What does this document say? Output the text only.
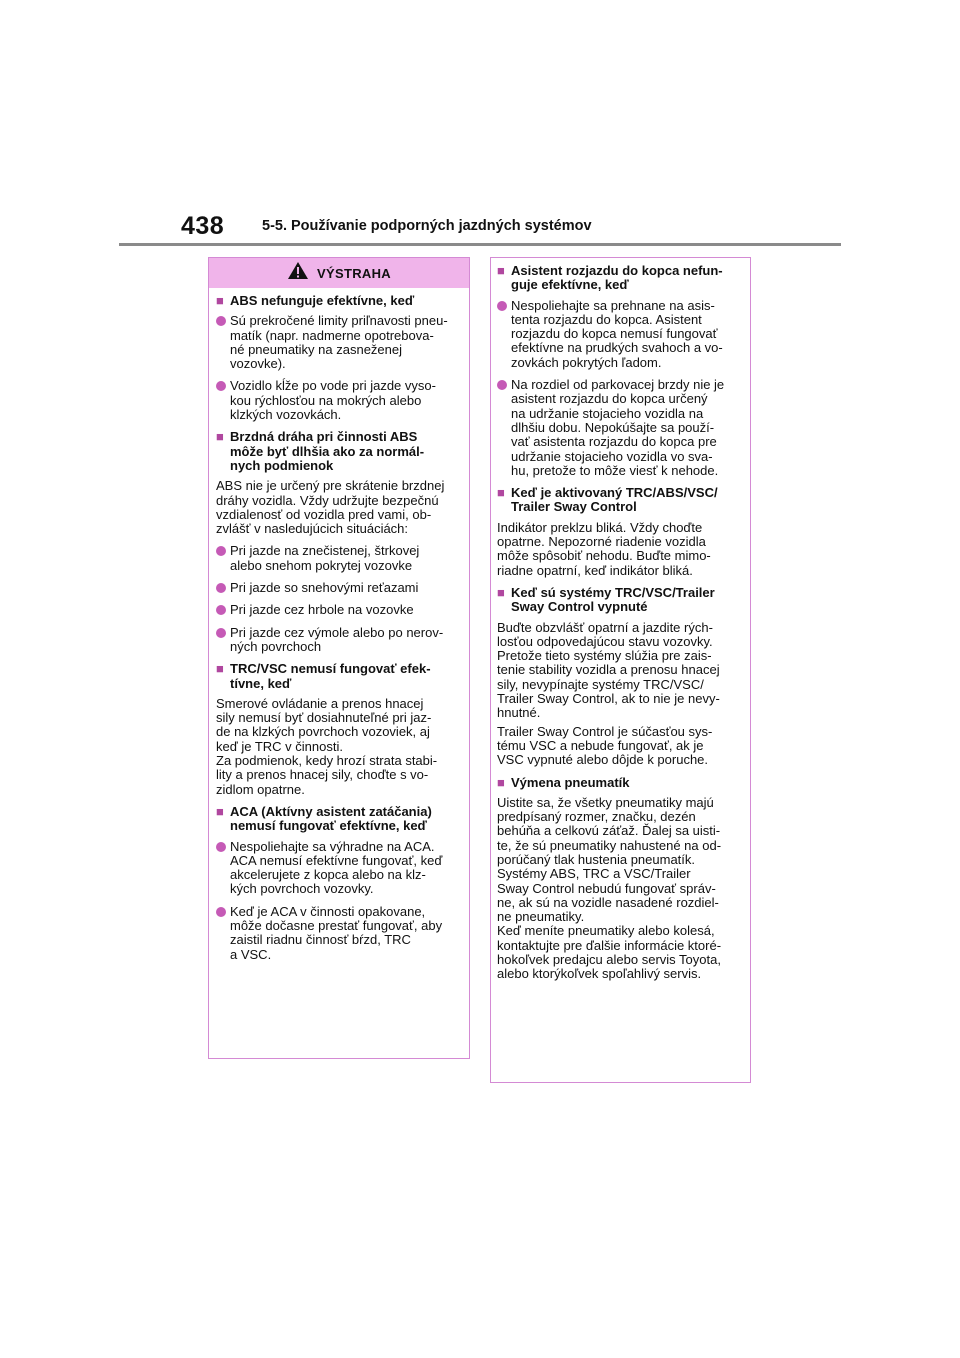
438	5-5. Používanie podporných jazdných systémov
VÝSTRAHA
■ ABS nefunguje efektívne, keď
Sú prekročené limity priľnavosti pneu-
matík (napr. nadmerne opotrebova-
né pneumatiky na zasneženej
vozovke).
Vozidlo kĺže po vode pri jazde vyso-
kou rýchlosťou na mokrých alebo
klzkých vozovkách.
■ Brzdná dráha pri činnosti ABS
môže byť dlhšia ako za normál-
nych podmienok
ABS nie je určený pre skrátenie brzdnej
dráhy vozidla. Vždy udržujte bezpečnú
vzdialenosť od vozidla pred vami, ob-
zvlášť v nasledujúcich situáciách:
Pri jazde na znečistenej, štrkovej
alebo snehom pokrytej vozovke
Pri jazde so snehovými reťazami
Pri jazde cez hrbole na vozovke
Pri jazde cez výmole alebo po nerov-
ných povrchoch
■ TRC/VSC nemusí fungovať efek-
tívne, keď
Smerové ovládanie a prenos hnacej
sily nemusí byť dosiahnuteľné pri jaz-
de na klzkých povrchoch vozoviek, aj
keď je TRC v činnosti.
Za podmienok, kedy hrozí strata stabi-
lity a prenos hnacej sily, choďte s vo-
zidlom opatrne.
■ ACA (Aktívny asistent zatáčania)
nemusí fungovať efektívne, keď
Nespoliehajte sa výhradne na ACA.
ACA nemusí efektívne fungovať, keď
akcelerujete z kopca alebo na klz-
kých povrchoch vozovky.
Keď je ACA v činnosti opakovane,
môže dočasne prestať fungovať, aby
zaistil riadnu činnosť bŕzd, TRC
a VSC.
■ Asistent rozjazdu do kopca nefun-
guje efektívne, keď
Nespoliehajte sa prehnane na asis-
tenta rozjazdu do kopca. Asistent
rozjazdu do kopca nemusí fungovať
efektívne na prudkých svahoch a vo-
zovkách pokrytých ľadom.
Na rozdiel od parkovacej brzdy nie je
asistent rozjazdu do kopca určený
na udržanie stojacieho vozidla na
dlhšiu dobu. Nepokúšajte sa použí-
vať asistenta rozjazdu do kopca pre
udržanie stojacieho vozidla vo sva-
hu, pretože to môže viesť k nehode.
■ Keď je aktivovaný TRC/ABS/VSC/
Trailer Sway Control
Indikátor preklzu bliká. Vždy choďte
opatrne. Nepozorné riadenie vozidla
môže spôsobiť nehodu. Buďte mimo-
riadne opatrní, keď indikátor bliká.
■ Keď sú systémy TRC/VSC/Trailer
Sway Control vypnuté
Buďte obzvlášť opatrní a jazdite rých-
losťou odpovedajúcou stavu vozovky.
Pretože tieto systémy slúžia pre zais-
tenie stability vozidla a prenosu hnacej
sily, nevypínajte systémy TRC/VSC/
Trailer Sway Control, ak to nie je nevy-
hnutné.
Trailer Sway Control je súčasťou sys-
tému VSC a nebude fungovať, ak je
VSC vypnuté alebo dôjde k poruche.
■ Výmena pneumatík
Uistite sa, že všetky pneumatiky majú
predpísaný rozmer, značku, dezén
behúňa a celkovú záťaž. Ďalej sa uisti-
te, že sú pneumatiky nahustené na od-
porúčaný tlak hustenia pneumatík.
Systémy ABS, TRC a VSC/Trailer
Sway Control nebudú fungovať správ-
ne, ak sú na vozidle nasadené rozdiel-
ne pneumatiky.
Keď meníte pneumatiky alebo kolesá,
kontaktujte pre ďalšie informácie ktoré-
hokoľvek predajcu alebo servis Toyota,
alebo ktorýkoľvek spoľahlivý servis.
